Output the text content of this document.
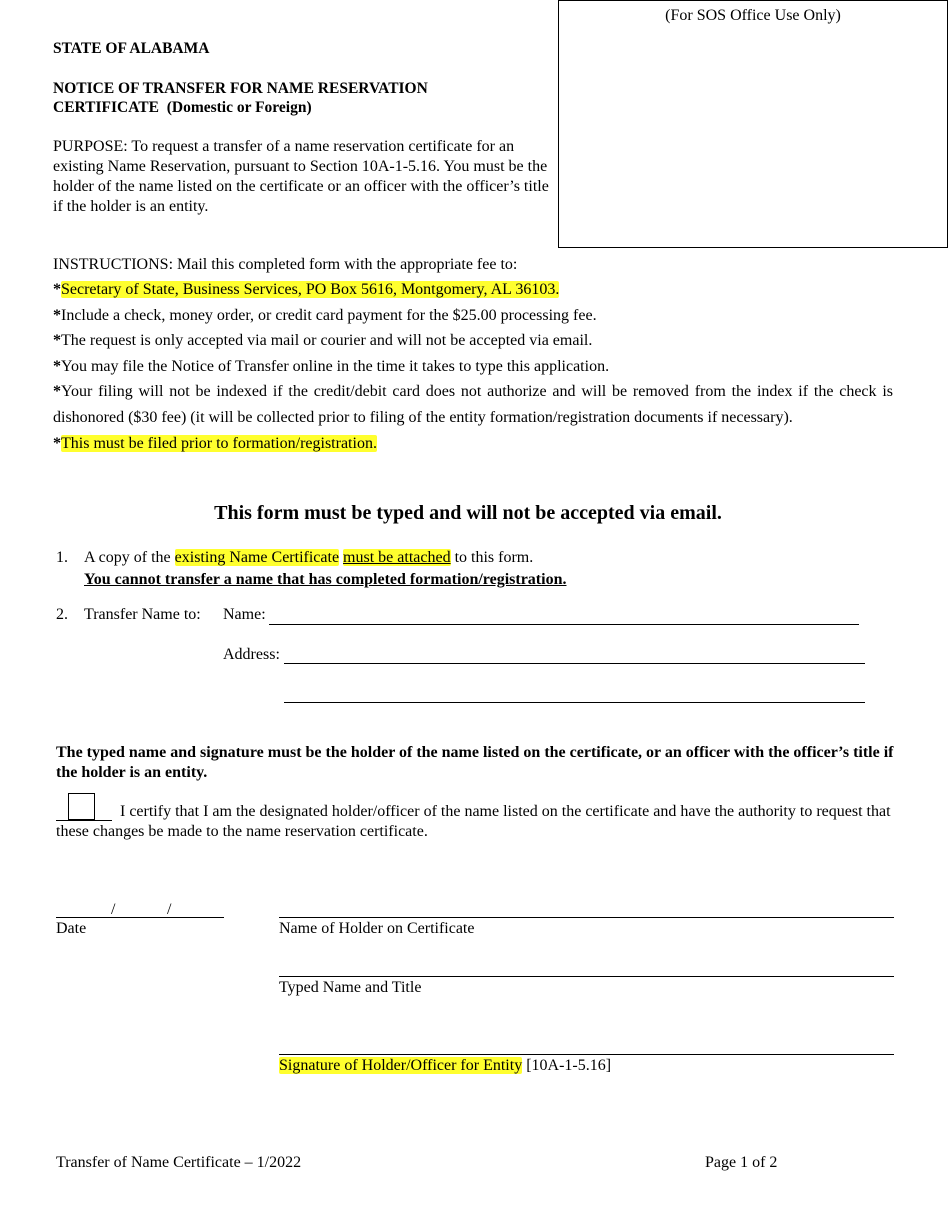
(For SOS Office Use Only)
STATE OF ALABAMA
NOTICE OF TRANSFER FOR NAME RESERVATION
CERTIFICATE  (Domestic or Foreign)
PURPOSE: To request a transfer of a name reservation certificate for an existing Name Reservation, pursuant to Section 10A-1-5.16. You must be the holder of the name listed on the certificate or an officer with the officer’s title if the holder is an entity.
INSTRUCTIONS: Mail this completed form with the appropriate fee to:
*Secretary of State, Business Services, PO Box 5616, Montgomery, AL 36103.
*Include a check, money order, or credit card payment for the $25.00 processing fee.
*The request is only accepted via mail or courier and will not be accepted via email.
*You may file the Notice of Transfer online in the time it takes to type this application.
*Your filing will not be indexed if the credit/debit card does not authorize and will be removed from the index if the check is dishonored ($30 fee) (it will be collected prior to filing of the entity formation/registration documents if necessary).
*This must be filed prior to formation/registration.
This form must be typed and will not be accepted via email.
1. A copy of the existing Name Certificate must be attached to this form.
You cannot transfer a name that has completed formation/registration.
2. Transfer Name to: Name:
Address:
The typed name and signature must be the holder of the name listed on the certificate, or an officer with the officer’s title if the holder is an entity.
I certify that I am the designated holder/officer of the name listed on the certificate and have the authority to request that these changes be made to the name reservation certificate.
/	/
Date	Name of Holder on Certificate
Typed Name and Title
Signature of Holder/Officer for Entity [10A-1-5.16]
Transfer of Name Certificate – 1/2022	Page 1 of 2
